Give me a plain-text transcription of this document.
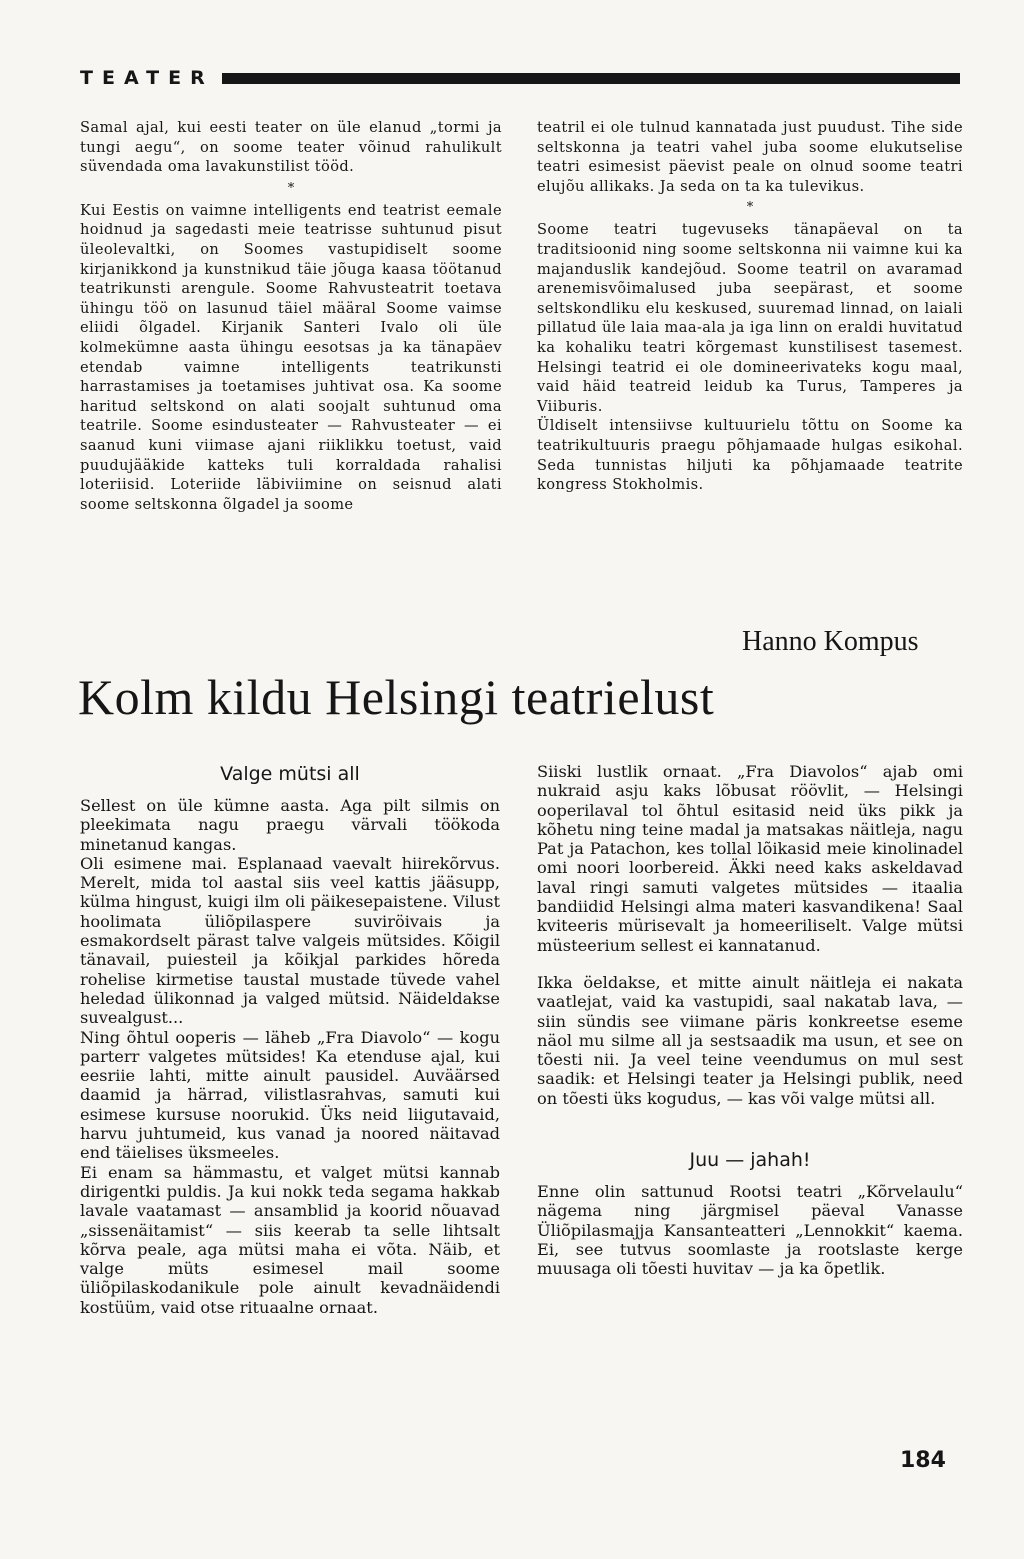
TEATER

Samal ajal, kui eesti teater on üle elanud „tormi ja tungi aegu“, on soome teater võinud rahulikult süvendada oma lavakunstilist tööd.

*

Kui Eestis on vaimne intelligents end teatrist eemale hoidnud ja sagedasti meie teatrisse suhtunud pisut üleolevaltki, on Soomes vastupidiselt soome kirjanikkond ja kunstnikud täie jõuga kaasa töötanud teatrikunsti arengule. Soome Rahvusteatrit toetava ühingu töö on lasunud täiel määral Soome vaimse eliidi õlgadel. Kirjanik Santeri Ivalo oli üle kolmekümne aasta ühingu eesotsas ja ka tänapäev etendab vaimne intelligents teatrikunsti harrastamises ja toetamises juhtivat osa. Ka soome haritud seltskond on alati soojalt suhtunud oma teatrile. Soome esindusteater — Rahvusteater — ei saanud kuni viimase ajani riiklikku toetust, vaid puudujääkide katteks tuli korraldada rahalisi loteriisid. Loteriide läbiviimine on seisnud alati soome seltskonna õlgadel ja soome

teatril ei ole tulnud kannatada just puudust. Tihe side seltskonna ja teatri vahel juba soome elukutselise teatri esimesist päevist peale on olnud soome teatri elujõu allikaks. Ja seda on ta ka tulevikus.

*

Soome teatri tugevuseks tänapäeval on ta traditsioonid ning soome seltskonna nii vaimne kui ka majanduslik kandejõud. Soome teatril on avaramad arenemisvõimalused juba seepärast, et soome seltskondliku elu keskused, suuremad linnad, on laiali pillatud üle laia maa-ala ja iga linn on eraldi huvitatud ka kohaliku teatri kõrgemast kunstilisest tasemest. Helsingi teatrid ei ole domineerivateks kogu maal, vaid häid teatreid leidub ka Turus, Tamperes ja Viiburis.

Üldiselt intensiivse kultuurielu tõttu on Soome ka teatrikultuuris praegu põhjamaade hulgas esikohal. Seda tunnistas hiljuti ka põhjamaade teatrite kongress Stokholmis.

Hanno Kompus
Kolm kildu Helsingi teatrielust
Valge mütsi all

Sellest on üle kümne aasta. Aga pilt silmis on pleekimata nagu praegu värvali töökoda minetanud kangas.

Oli esimene mai. Esplanaad vaevalt hiirekõrvus. Merelt, mida tol aastal siis veel kattis jääsupp, külma hingust, kuigi ilm oli päikesepaistene. Vilust hoolimata üliõpilaspere suviröivais ja esmakordselt pärast talve valgeis mütsides. Kõigil tänavail, puiesteil ja kõikjal parkides hõreda rohelise kirmetise taustal mustade tüvede vahel heledad ülikonnad ja valged mütsid. Näideldakse suvealgust...

Ning õhtul ooperis — läheb „Fra Diavolo“ — kogu parterr valgetes mütsides! Ka etenduse ajal, kui eesriie lahti, mitte ainult pausidel. Auväärsed daamid ja härrad, vilistlasrahvas, samuti kui esimese kursuse noorukid. Üks neid liigutavaid, harvu juhtumeid, kus vanad ja noored näitavad end täielises üksmeeles.

Ei enam sa hämmastu, et valget mütsi kannab dirigentki puldis. Ja kui nokk teda segama hakkab lavale vaatamast — ansamblid ja koorid nõuavad „sissenäitamist“ — siis keerab ta selle lihtsalt kõrva peale, aga mütsi maha ei võta. Näib, et valge müts esimesel mail soome üliõpilaskodanikule pole ainult kevadnäidendi kostüüm, vaid otse rituaalne ornaat.

Siiski lustlik ornaat. „Fra Diavolos“ ajab omi nukraid asju kaks lõbusat röövlit, — Helsingi ooperilaval tol õhtul esitasid neid üks pikk ja kõhetu ning teine madal ja matsakas näitleja, nagu Pat ja Patachon, kes tollal lõikasid meie kinolinadel omi noori loorbereid. Äkki need kaks askeldavad laval ringi samuti valgetes mütsides — itaalia bandiidid Helsingi alma materi kasvandikena! Saal kviteeris mürisevalt ja homeeriliselt. Valge mütsi müsteerium sellest ei kannatanud.

Ikka öeldakse, et mitte ainult näitleja ei nakata vaatlejat, vaid ka vastupidi, saal nakatab lava, — siin sündis see viimane päris konkreetse eseme näol mu silme all ja sestsaadik ma usun, et see on tõesti nii. Ja veel teine veendumus on mul sest saadik: et Helsingi teater ja Helsingi publik, need on tõesti üks kogudus, — kas või valge mütsi all.

Juu — jahah!

Enne olin sattunud Rootsi teatri „Kõrvelaulu“ nägema ning järgmisel päeval Vanasse Üliõpilasmajja Kansanteatteri „Lennokkit“ kaema. Ei, see tutvus soomlaste ja rootslaste kerge muusaga oli tõesti huvitav — ja ka õpetlik.

184
